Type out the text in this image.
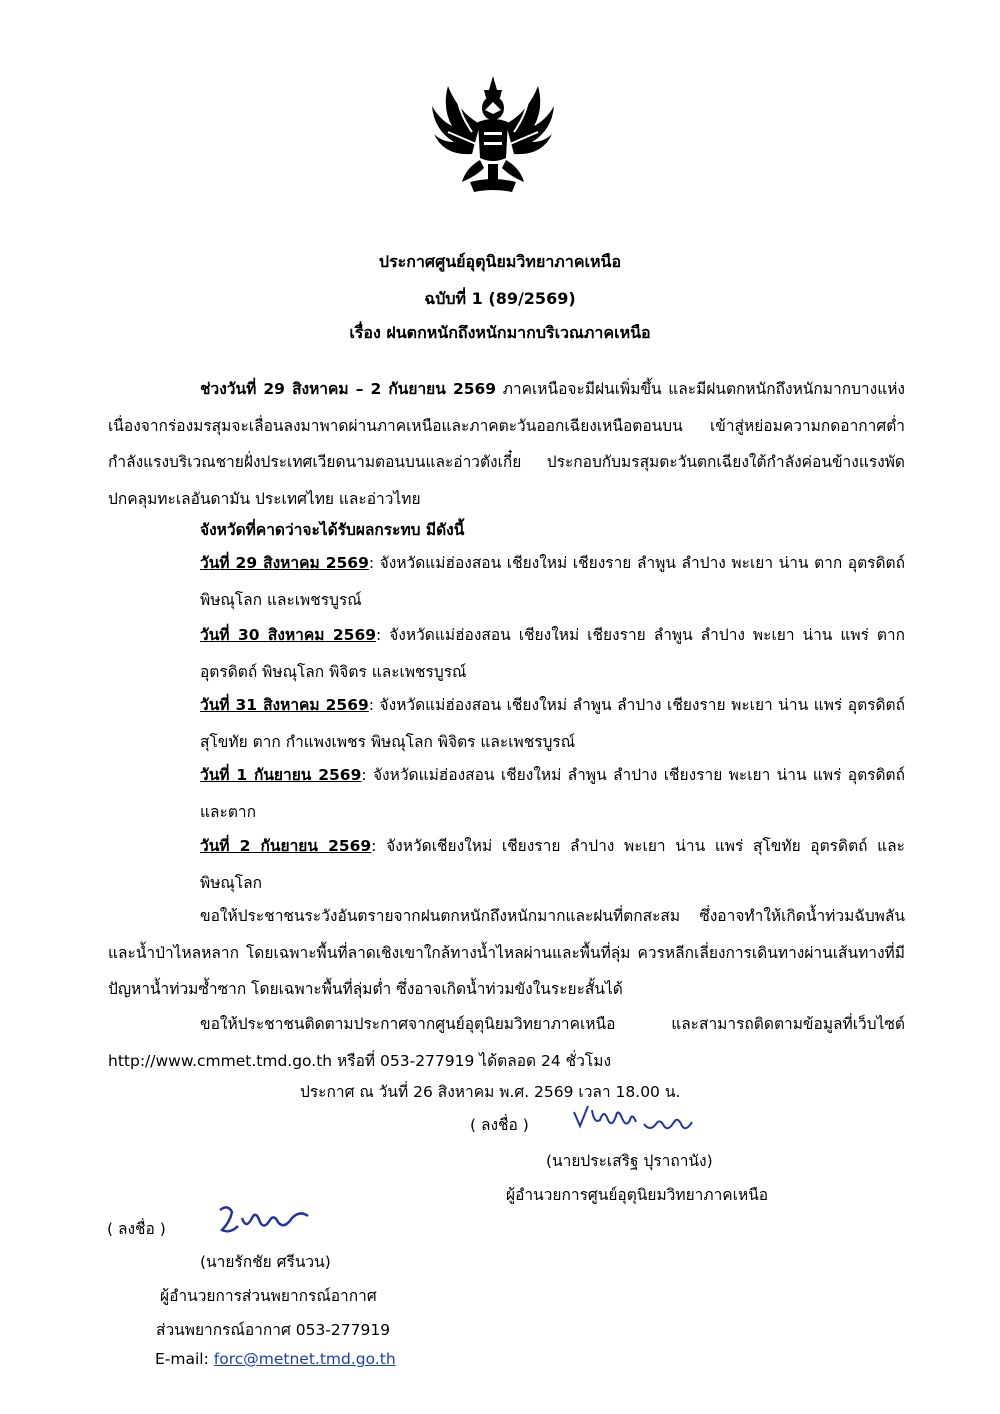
ประกาศศูนย์อุตุนิยมวิทยาภาคเหนือ
ฉบับที่ 1 (89/2569)
เรื่อง ฝนตกหนักถึงหนักมากบริเวณภาคเหนือ
ช่วงวันที่ 29 สิงหาคม – 2 กันยายน 2569 ภาคเหนือจะมีฝนเพิ่มขึ้น และมีฝนตกหนักถึงหนักมากบางแห่ง เนื่องจากร่องมรสุมจะเลื่อนลงมาพาดผ่านภาคเหนือและภาคตะวันออกเฉียงเหนือตอนบน เข้าสู่หย่อมความกดอากาศต่ำกำลังแรงบริเวณชายฝั่งประเทศเวียดนามตอนบนและอ่าวตังเกี๋ย ประกอบกับมรสุมตะวันตกเฉียงใต้กำลังค่อนข้างแรงพัดปกคลุมทะเลอันดามัน ประเทศไทย และอ่าวไทย
จังหวัดที่คาดว่าจะได้รับผลกระทบ มีดังนี้
วันที่ 29 สิงหาคม 2569: จังหวัดแม่ฮ่องสอน เชียงใหม่ เชียงราย ลำพูน ลำปาง พะเยา น่าน ตาก อุตรดิตถ์ พิษณุโลก และเพชรบูรณ์
วันที่ 30 สิงหาคม 2569: จังหวัดแม่ฮ่องสอน เชียงใหม่ เชียงราย ลำพูน ลำปาง พะเยา น่าน แพร่ ตาก อุตรดิตถ์ พิษณุโลก พิจิตร และเพชรบูรณ์
วันที่ 31 สิงหาคม 2569: จังหวัดแม่ฮ่องสอน เชียงใหม่ ลำพูน ลำปาง เชียงราย พะเยา น่าน แพร่ อุตรดิตถ์ สุโขทัย ตาก กำแพงเพชร พิษณุโลก พิจิตร และเพชรบูรณ์
วันที่ 1 กันยายน 2569: จังหวัดแม่ฮ่องสอน เชียงใหม่ ลำพูน ลำปาง เชียงราย พะเยา น่าน แพร่ อุตรดิตถ์ และตาก
วันที่ 2 กันยายน 2569: จังหวัดเชียงใหม่ เชียงราย ลำปาง พะเยา น่าน แพร่ สุโขทัย อุตรดิตถ์ และพิษณุโลก
ขอให้ประชาชนระวังอันตรายจากฝนตกหนักถึงหนักมากและฝนที่ตกสะสม ซึ่งอาจทำให้เกิดน้ำท่วมฉับพลันและน้ำป่าไหลหลาก โดยเฉพาะพื้นที่ลาดเชิงเขาใกล้ทางน้ำไหลผ่านและพื้นที่ลุ่ม ควรหลีกเลี่ยงการเดินทางผ่านเส้นทางที่มีปัญหาน้ำท่วมซ้ำซาก โดยเฉพาะพื้นที่ลุ่มต่ำ ซึ่งอาจเกิดน้ำท่วมขังในระยะสั้นได้
ขอให้ประชาชนติดตามประกาศจากศูนย์อุตุนิยมวิทยาภาคเหนือ และสามารถติดตามข้อมูลที่เว็บไซต์ http://www.cmmet.tmd.go.th หรือที่ 053-277919 ได้ตลอด 24 ชั่วโมง
ประกาศ ณ วันที่ 26 สิงหาคม พ.ศ. 2569 เวลา 18.00 น.
( ลงชื่อ )
(นายประเสริฐ ปุราถานัง)
ผู้อำนวยการศูนย์อุตุนิยมวิทยาภาคเหนือ
( ลงชื่อ )
(นายรักชัย ศรีนวน)
ผู้อำนวยการส่วนพยากรณ์อากาศ
ส่วนพยากรณ์อากาศ 053-277919
E-mail: forc@metnet.tmd.go.th
